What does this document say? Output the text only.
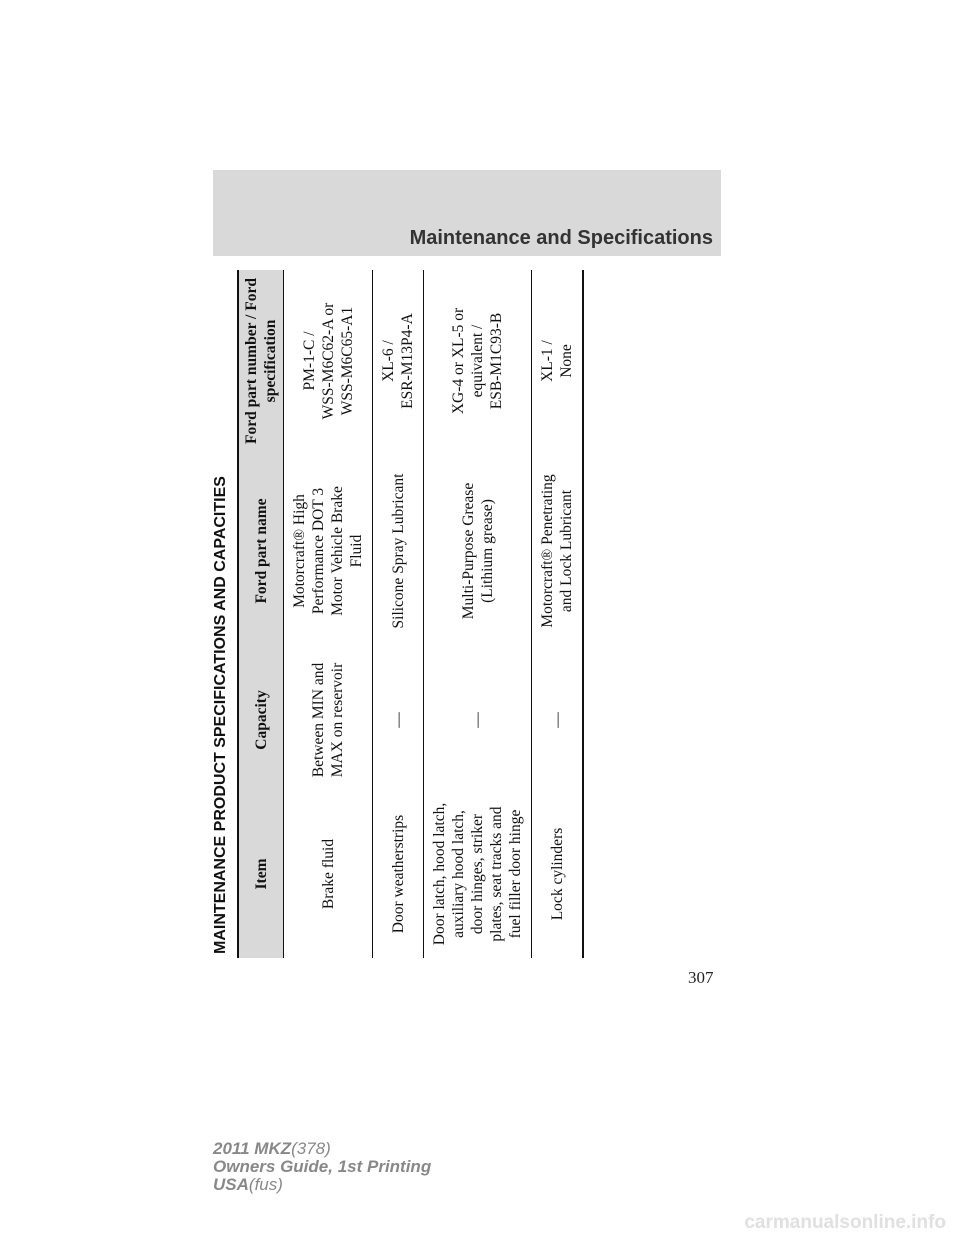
Maintenance and Specifications
MAINTENANCE PRODUCT SPECIFICATIONS AND CAPACITIES	Item	Capacity	Ford part name	Ford part number / Ford specification

Brake fluid	Between MIN and MAX on reservoir	Motorcraft® High Performance DOT 3 Motor Vehicle Brake Fluid	PM-1-C / WSS-M6C62-A or WSS-M6C65-A1

Door weatherstrips	—	Silicone Spray Lubricant	XL-6 / ESR-M13P4-A

Door latch, hood latch, auxiliary hood latch, door hinges, striker plates, seat tracks and fuel filler door hinge	—	Multi-Purpose Grease (Lithium grease)	XG-4 or XL-5 or equivalent / ESB-M1C93-B

Lock cylinders	—	Motorcraft® Penetrating and Lock Lubricant	XL-1 / None
307
2011 MKZ(378)
Owners Guide, 1st Printing
USA(fus)
carmanualsonline.info
